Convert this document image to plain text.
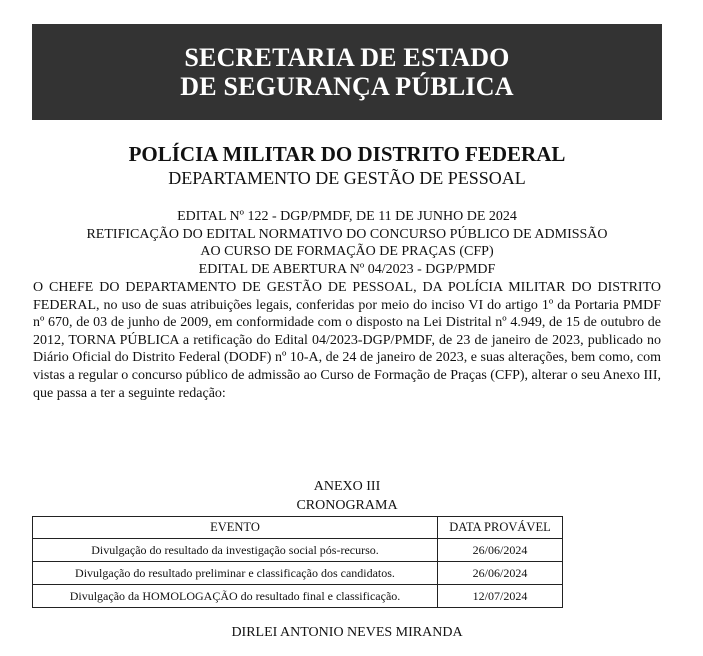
SECRETARIA DE ESTADO
DE SEGURANÇA PÚBLICA
POLÍCIA MILITAR DO DISTRITO FEDERAL
DEPARTAMENTO DE GESTÃO DE PESSOAL
EDITAL Nº 122 - DGP/PMDF, DE 11 DE JUNHO DE 2024
RETIFICAÇÃO DO EDITAL NORMATIVO DO CONCURSO PÚBLICO DE ADMISSÃO
AO CURSO DE FORMAÇÃO DE PRAÇAS (CFP)
EDITAL DE ABERTURA Nº 04/2023 - DGP/PMDF
O CHEFE DO DEPARTAMENTO DE GESTÃO DE PESSOAL, DA POLÍCIA MILITAR DO DISTRITO FEDERAL, no uso de suas atribuições legais, conferidas por meio do inciso VI do artigo 1º da Portaria PMDF nº 670, de 03 de junho de 2009, em conformidade com o disposto na Lei Distrital nº 4.949, de 15 de outubro de 2012, TORNA PÚBLICA a retificação do Edital 04/2023-DGP/PMDF, de 23 de janeiro de 2023, publicado no Diário Oficial do Distrito Federal (DODF) nº 10-A, de 24 de janeiro de 2023, e suas alterações, bem como, com vistas a regular o concurso público de admissão ao Curso de Formação de Praças (CFP), alterar o seu Anexo III, que passa a ter a seguinte redação:
ANEXO III
CRONOGRAMA
EVENTO	DATA PROVÁVEL
Divulgação do resultado da investigação social pós-recurso.	26/06/2024
Divulgação do resultado preliminar e classificação dos candidatos.	26/06/2024
Divulgação da HOMOLOGAÇÃO do resultado final e classificação.	12/07/2024
DIRLEI ANTONIO NEVES MIRANDA
